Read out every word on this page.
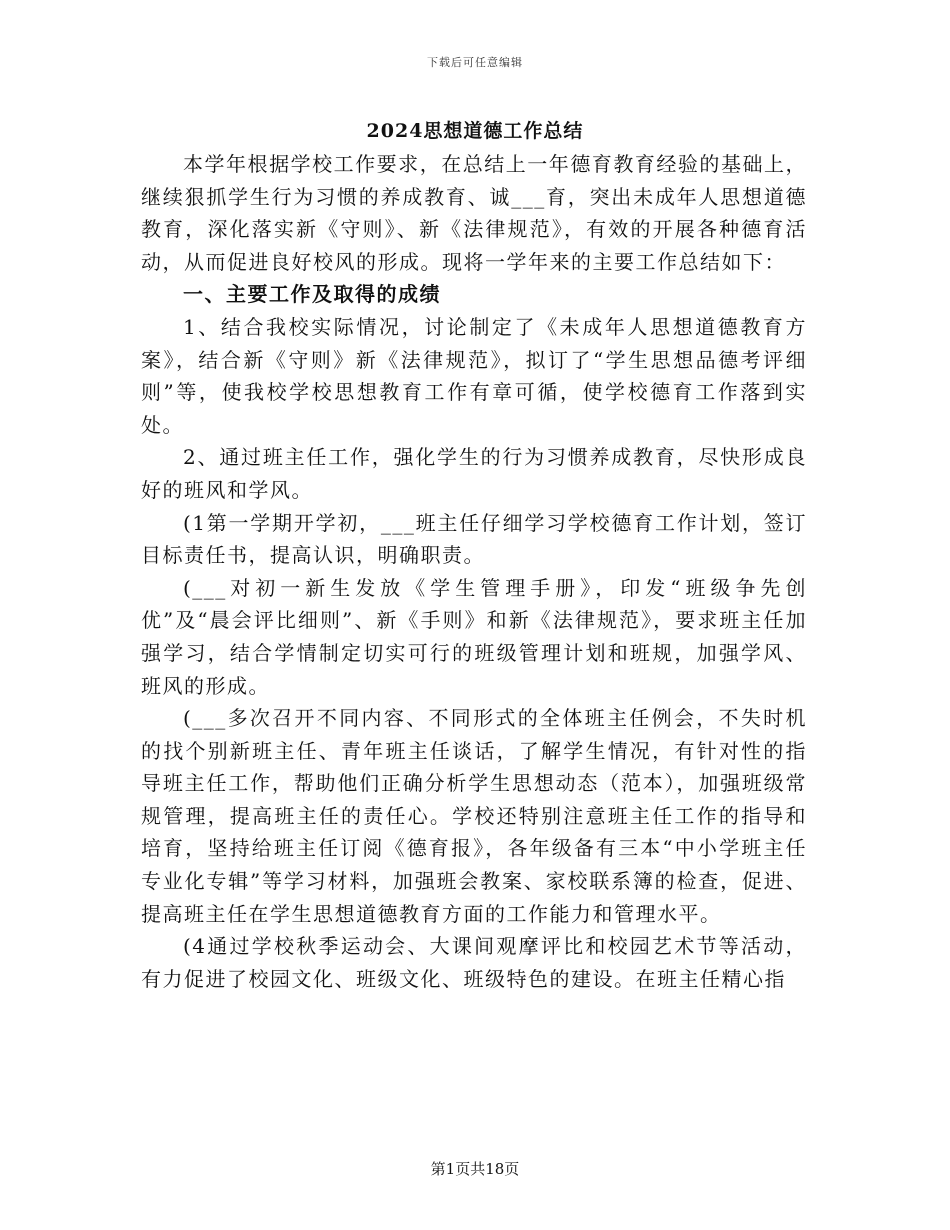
下载后可任意编辑
2024思想道德工作总结

本学年根据学校工作要求，在总结上一年德育教育经验的基础上，继续狠抓学生行为习惯的养成教育、诚___育，突出未成年人思想道德教育，深化落实新《守则》、新《法律规范》，有效的开展各种德育活动，从而促进良好校风的形成。现将一学年来的主要工作总结如下：

一、主要工作及取得的成绩

1、结合我校实际情况，讨论制定了《未成年人思想道德教育方案》，结合新《守则》新《法律规范》，拟订了“学生思想品德考评细则”等，使我校学校思想教育工作有章可循，使学校德育工作落到实处。

2、通过班主任工作，强化学生的行为习惯养成教育，尽快形成良好的班风和学风。

(1第一学期开学初，___班主任仔细学习学校德育工作计划，签订目标责任书，提高认识，明确职责。

(___对初一新生发放《学生管理手册》，印发“班级争先创优”及“晨会评比细则”、新《手则》和新《法律规范》，要求班主任加强学习，结合学情制定切实可行的班级管理计划和班规，加强学风、班风的形成。

(___多次召开不同内容、不同形式的全体班主任例会，不失时机的找个别新班主任、青年班主任谈话，了解学生情况，有针对性的指导班主任工作，帮助他们正确分析学生思想动态（范本），加强班级常规管理，提高班主任的责任心。学校还特别注意班主任工作的指导和培育，坚持给班主任订阅《德育报》，各年级备有三本“中小学班主任专业化专辑”等学习材料，加强班会教案、家校联系簿的检查，促进、提高班主任在学生思想道德教育方面的工作能力和管理水平。

(4通过学校秋季运动会、大课间观摩评比和校园艺术节等活动，有力促进了校园文化、班级文化、班级特色的建设。在班主任精心指

第1页共18页
